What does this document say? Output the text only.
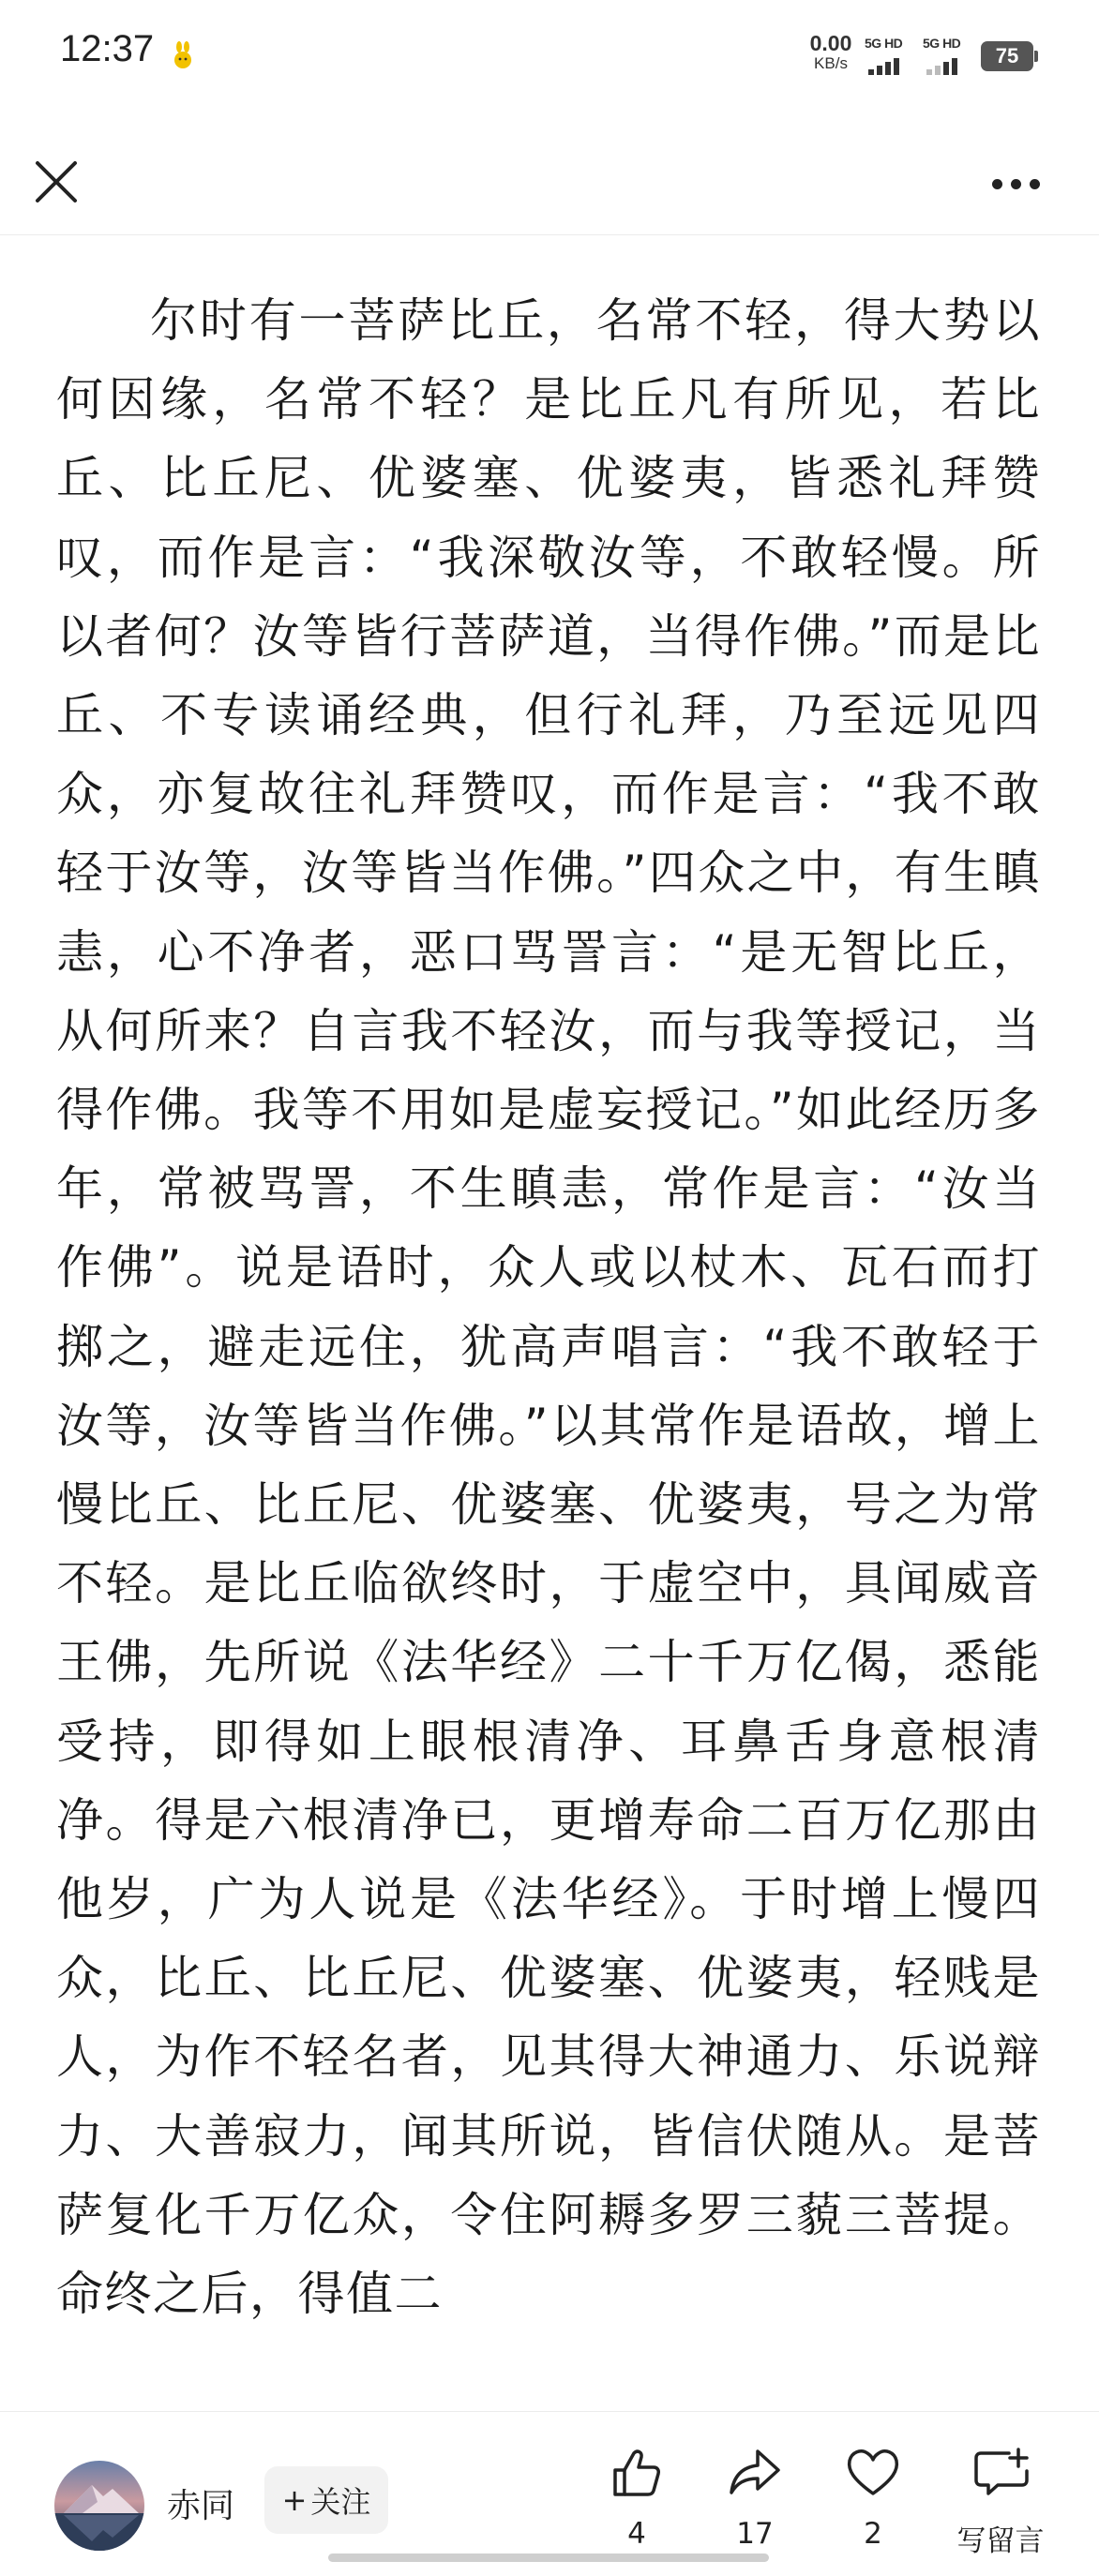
12:37	0.00
KB/s
5G HD 5G HD
75

尔时有一菩萨比丘，名常不轻，得大势以何因缘，名常不轻？是比丘凡有所见，若比丘、比丘尼、优婆塞、优婆夷，皆悉礼拜赞叹，而作是言：“我深敬汝等，不敢轻慢。所以者何？汝等皆行菩萨道，当得作佛。”而是比丘、不专读诵经典，但行礼拜，乃至远见四众，亦复故往礼拜赞叹，而作是言：“我不敢轻于汝等，汝等皆当作佛。”四众之中，有生瞋恚，心不净者，恶口骂詈言：“是无智比丘，从何所来？自言我不轻汝，而与我等授记，当得作佛。我等不用如是虚妄授记。”如此经历多年，常被骂詈，不生瞋恚，常作是言：“汝当作佛”。说是语时，众人或以杖木、瓦石而打掷之，避走远住，犹高声唱言：“我不敢轻于汝等，汝等皆当作佛。”以其常作是语故，增上慢比丘、比丘尼、优婆塞、优婆夷，号之为常不轻。是比丘临欲终时，于虚空中，具闻威音王佛，先所说《法华经》二十千万亿偈，悉能受持，即得如上眼根清净、耳鼻舌身意根清净。得是六根清净已，更增寿命二百万亿那由他岁，广为人说是《法华经》。于时增上慢四众，比丘、比丘尼、优婆塞、优婆夷，轻贱是人，为作不轻名者，见其得大神通力、乐说辩力、大善寂力，闻其所说，皆信伏随从。是菩萨复化千万亿众，令住阿耨多罗三藐三菩提。命终之后，得值二

赤同 + 关注
4	17	2	写留言
